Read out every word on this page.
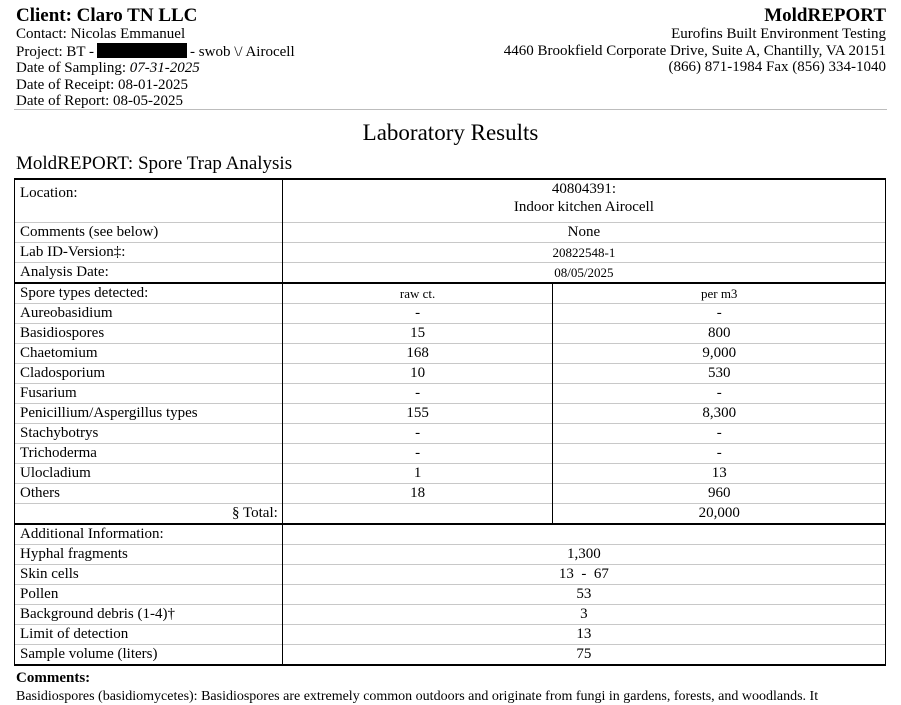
Client: Claro TN LLC
Contact: Nicolas Emmanuel
Project: BT -	- swob \/ Airocell
Date of Sampling: 07-31-2025
Date of Receipt: 08-01-2025
Date of Report: 08-05-2025
MoldREPORT
Eurofins Built Environment Testing
4460 Brookfield Corporate Drive, Suite A, Chantilly, VA 20151
(866) 871-1984 Fax (856) 334-1040
Laboratory Results
MoldREPORT: Spore Trap Analysis
Location:	40804391:
Indoor kitchen Airocell	

Comments (see below)	None	
Lab ID-Version‡:	20822548-1	
Analysis Date:	08/05/2025	
Spore types detected:	raw ct.	per m3
Aureobasidium	-	-
Basidiospores	15	800
Chaetomium	168	9,000
Cladosporium	10	530
Fusarium	-	-
Penicillium/Aspergillus types	155	8,300
Stachybotrys	-	-
Trichoderma	-	-
Ulocladium	1	13
Others	18	960
§ Total:		20,000
Additional Information:		
Hyphal fragments	1,300	
Skin cells	13  -  67	
Pollen	53	
Background debris (1-4)†	3	
Limit of detection	13	
Sample volume (liters)	75	
Comments:
Basidiospores (basidiomycetes): Basidiospores are extremely common outdoors and originate from fungi in gardens, forests, and woodlands. It
